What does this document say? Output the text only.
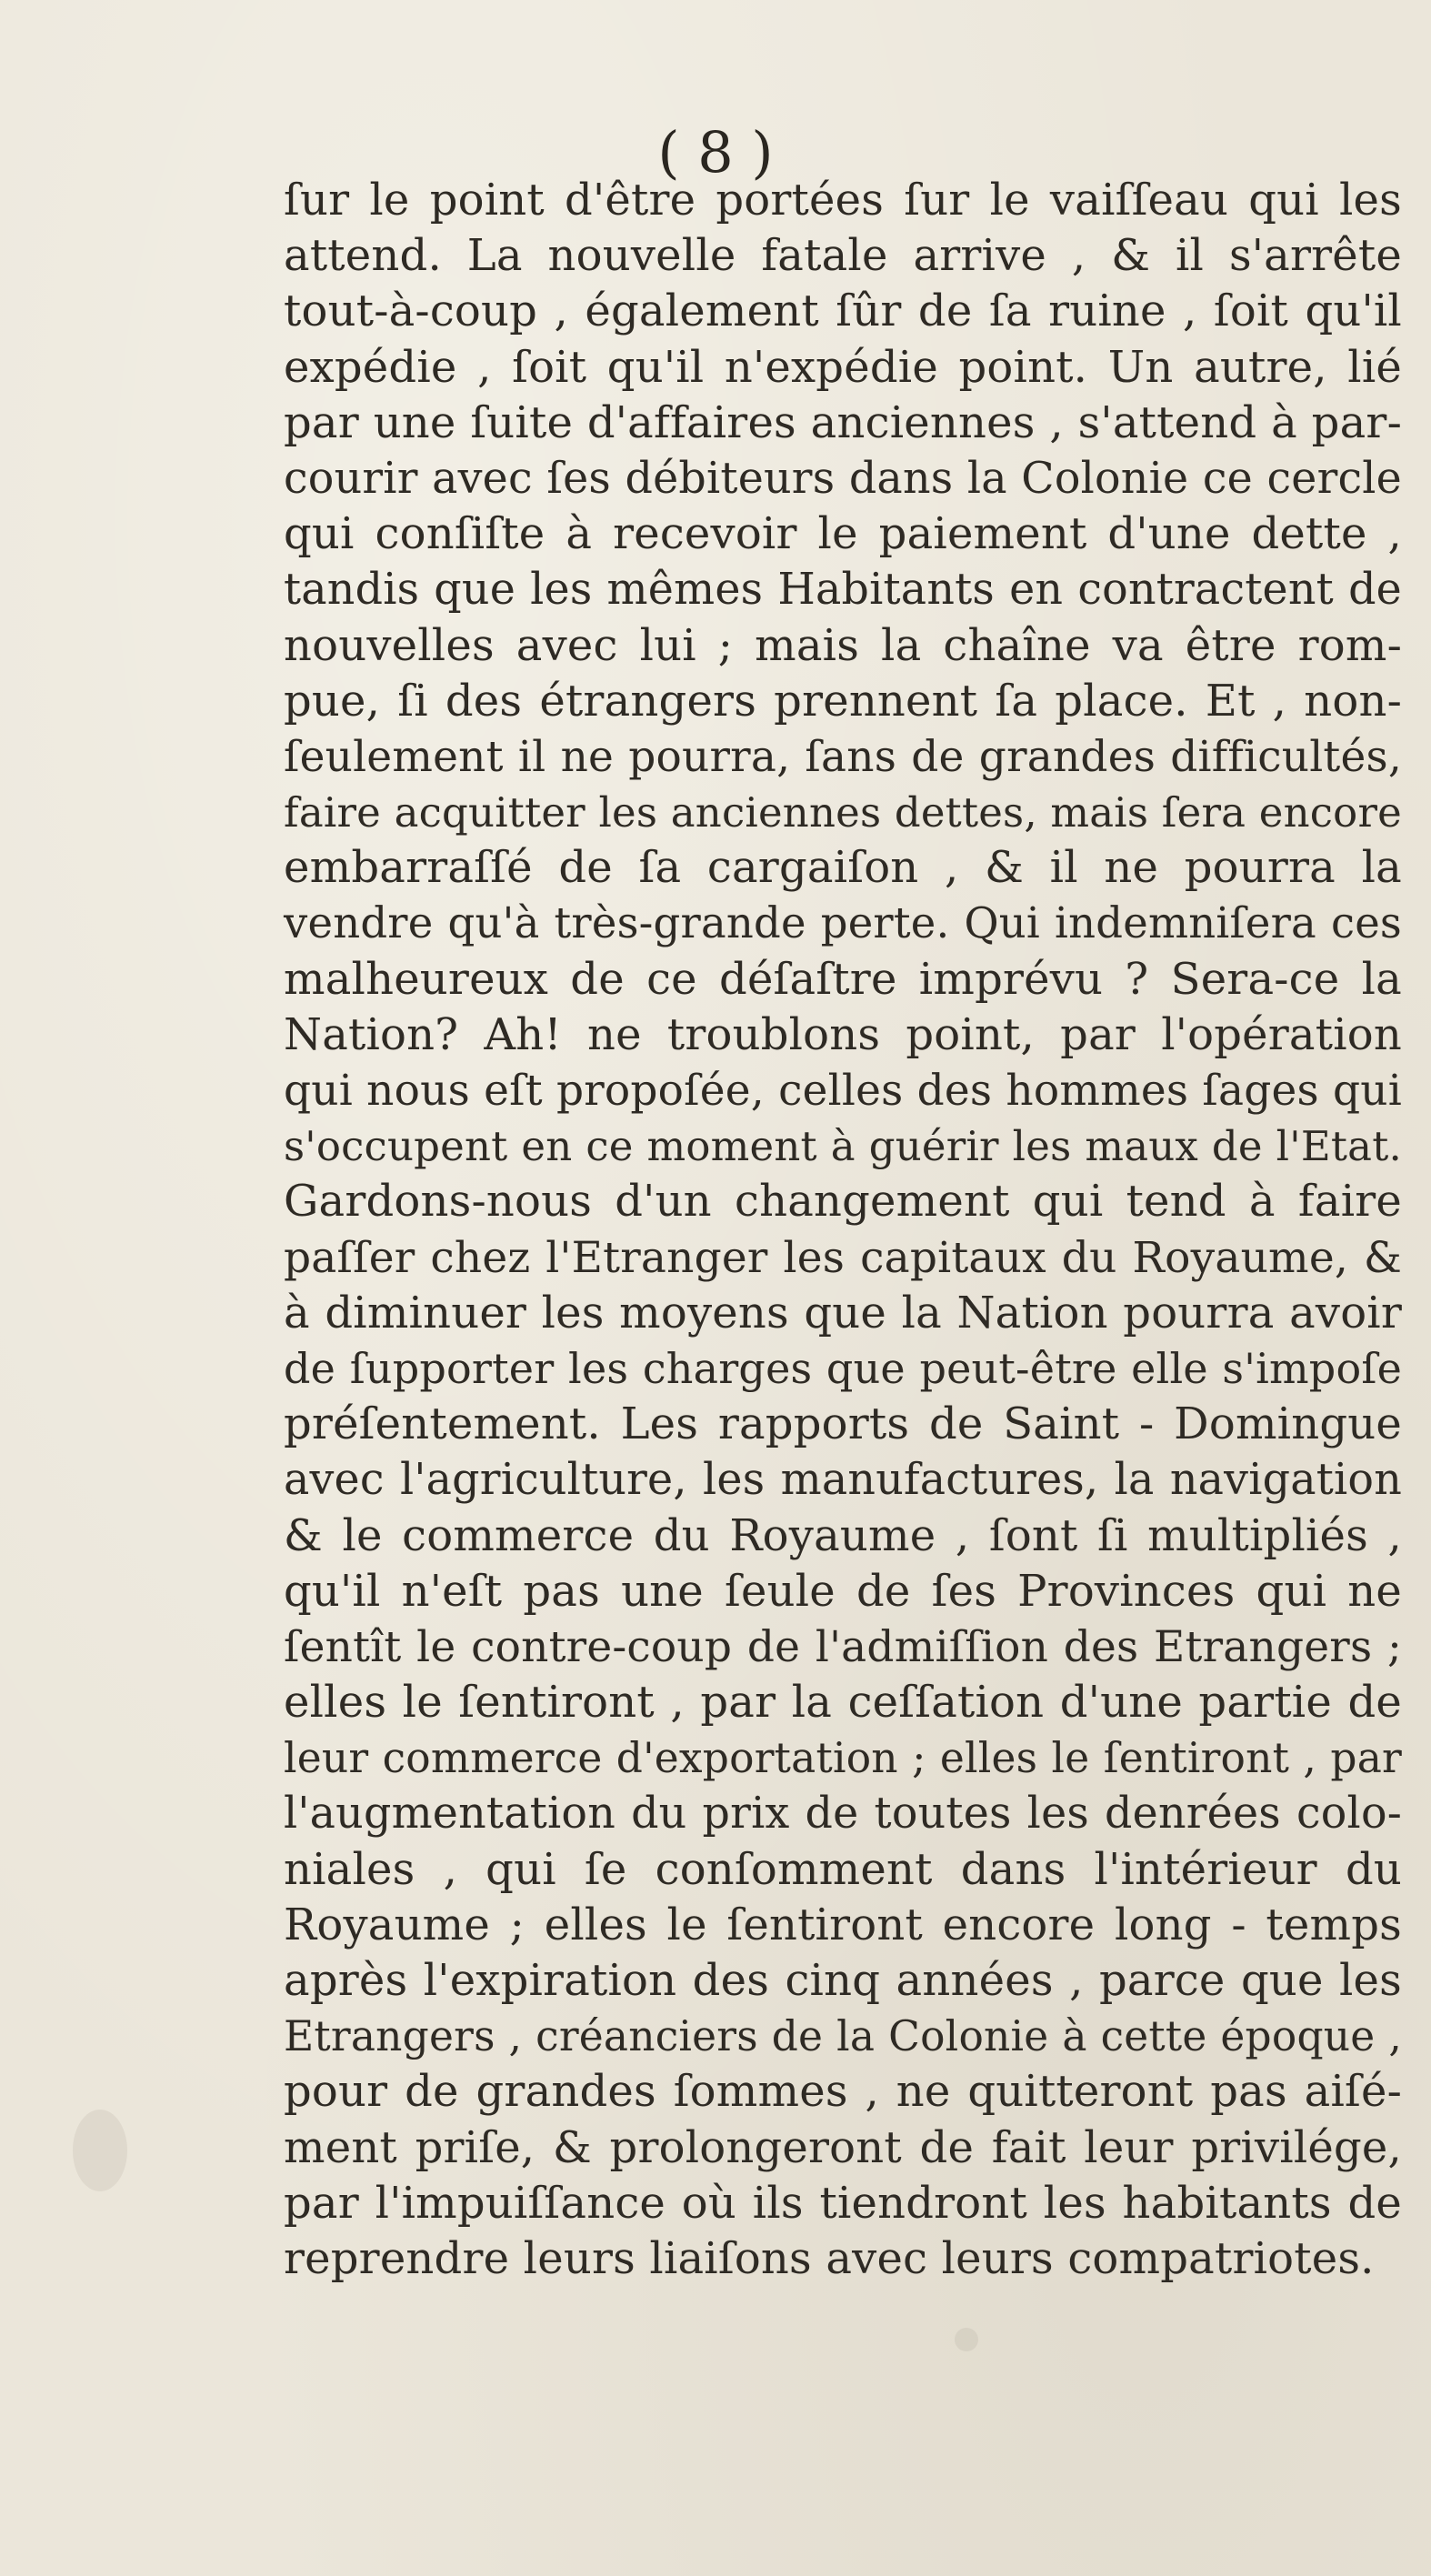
( 8 )
ſur le point d'être portées ſur le vaiſſeau qui les
attend. La nouvelle fatale arrive , & il s'arrête
tout-à-coup , également ſûr de ſa ruine , ſoit qu'il
expédie , ſoit qu'il n'expédie point. Un autre, lié
par une ſuite d'affaires anciennes , s'attend à par-
courir avec ſes débiteurs dans la Colonie ce cercle
qui conſiſte à recevoir le paiement d'une dette ,
tandis que les mêmes Habitants en contractent de
nouvelles avec lui ; mais la chaîne va être rom-
pue, ſi des étrangers prennent ſa place. Et , non-
ſeulement il ne pourra, ſans de grandes difficultés,
faire acquitter les anciennes dettes, mais ſera encore
embarraſſé de ſa cargaiſon , & il ne pourra la
vendre qu'à très-grande perte. Qui indemniſera ces
malheureux de ce déſaſtre imprévu ? Sera-ce la
Nation? Ah! ne troublons point, par l'opération
qui nous eſt propoſée, celles des hommes ſages qui
s'occupent en ce moment à guérir les maux de l'Etat.
Gardons-nous d'un changement qui tend à faire
paſſer chez l'Etranger les capitaux du Royaume, &
à diminuer les moyens que la Nation pourra avoir
de ſupporter les charges que peut-être elle s'impoſe
préſentement. Les rapports de Saint - Domingue
avec l'agriculture, les manufactures, la navigation
& le commerce du Royaume , ſont ſi multipliés ,
qu'il n'eſt pas une ſeule de ſes Provinces qui ne
ſentît le contre-coup de l'admiſſion des Etrangers ;
elles le ſentiront , par la ceſſation d'une partie de
leur commerce d'exportation ; elles le ſentiront , par
l'augmentation du prix de toutes les denrées colo-
niales , qui ſe conſomment dans l'intérieur du
Royaume ; elles le ſentiront encore long - temps
après l'expiration des cinq années , parce que les
Etrangers , créanciers de la Colonie à cette époque ,
pour de grandes ſommes , ne quitteront pas aiſé-
ment priſe, & prolongeront de fait leur privilége,
par l'impuiſſance où ils tiendront les habitants de
reprendre leurs liaiſons avec leurs compatriotes.
